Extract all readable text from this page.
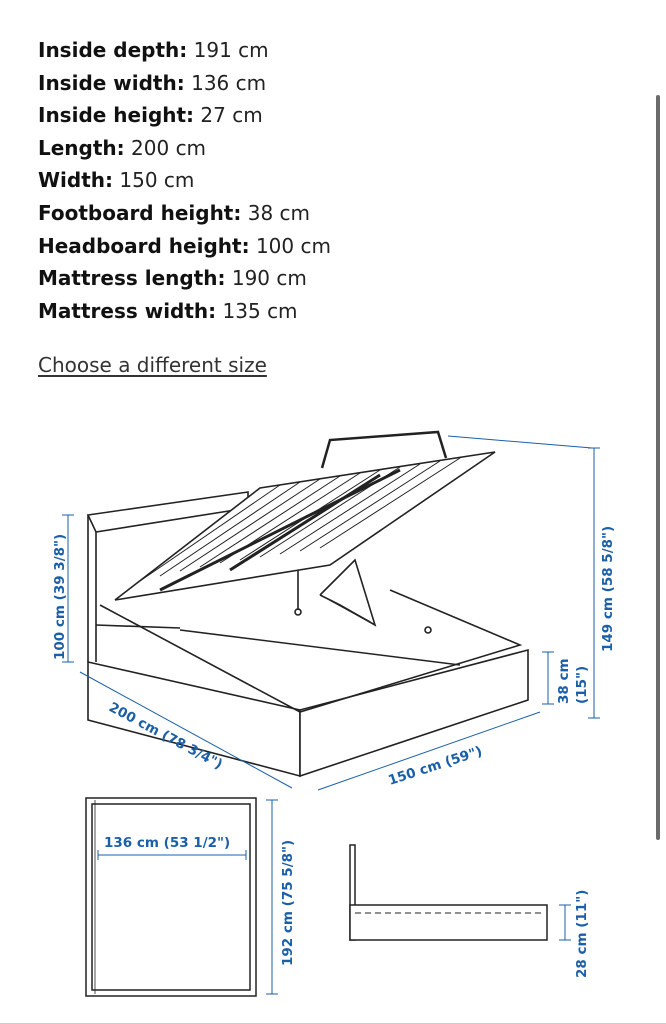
Inside depth: 191 cm
Inside width: 136 cm
Inside height: 27 cm
Length: 200 cm
Width: 150 cm
Footboard height: 38 cm
Headboard height: 100 cm
Mattress length: 190 cm
Mattress width: 135 cm
Choose a different size
100 cm (39 3/8")	149 cm (58 5/8")
38 cm (15")
200 cm (78 3/4")	150 cm (59")
136 cm (53 1/2")	192 cm (75 5/8")	28 cm (11")
